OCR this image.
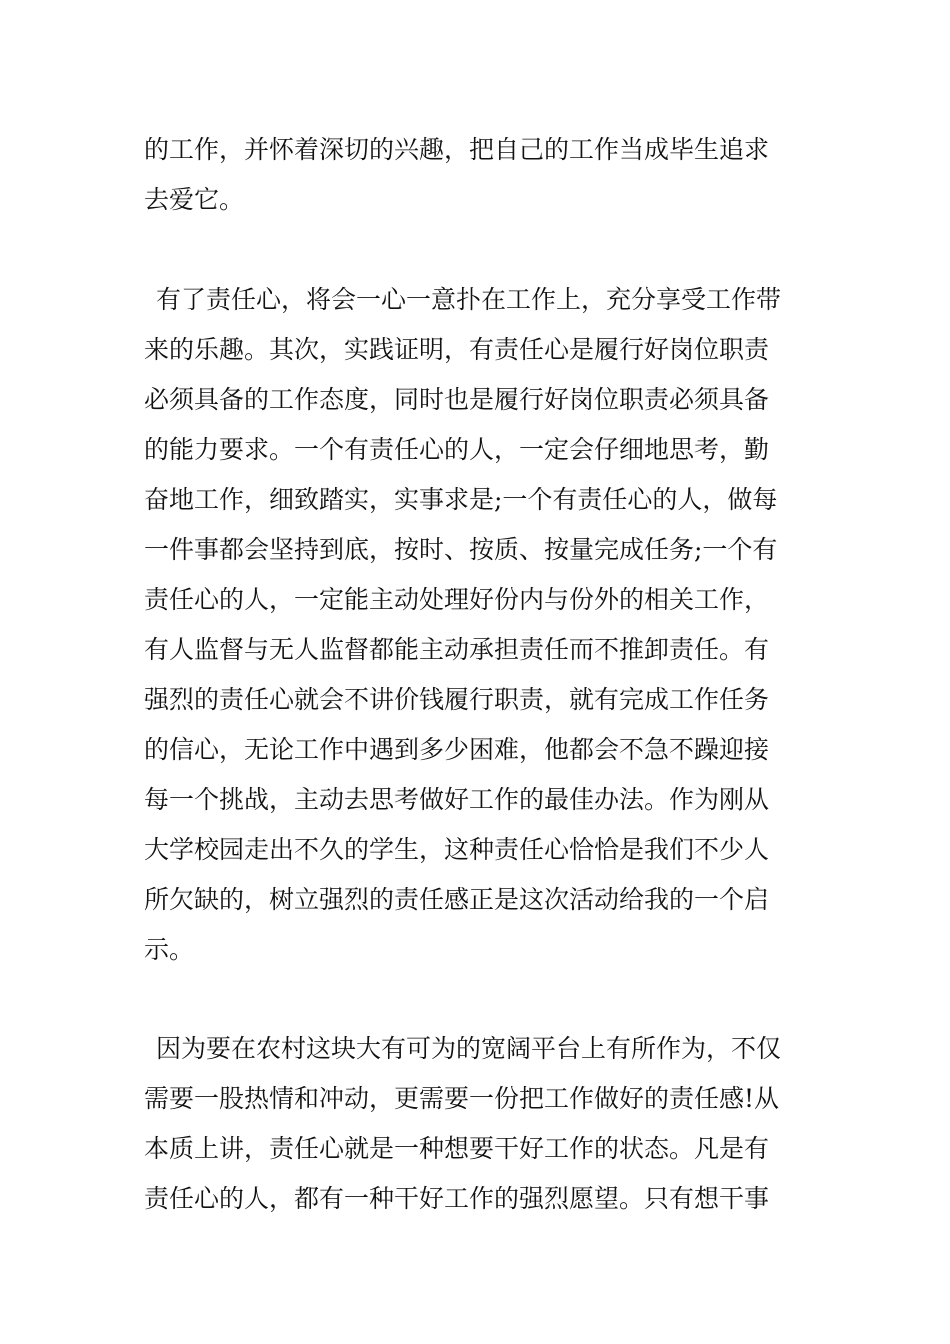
的工作，并怀着深切的兴趣，把自己的工作当成毕生追求
去爱它。
有了责任心，将会一心一意扑在工作上，充分享受工作带
来的乐趣。其次，实践证明，有责任心是履行好岗位职责
必须具备的工作态度，同时也是履行好岗位职责必须具备
的能力要求。一个有责任心的人，一定会仔细地思考，勤
奋地工作，细致踏实，实事求是;一个有责任心的人，做每
一件事都会坚持到底，按时、按质、按量完成任务;一个有
责任心的人，一定能主动处理好份内与份外的相关工作，
有人监督与无人监督都能主动承担责任而不推卸责任。有
强烈的责任心就会不讲价钱履行职责，就有完成工作任务
的信心，无论工作中遇到多少困难，他都会不急不躁迎接
每一个挑战，主动去思考做好工作的最佳办法。作为刚从
大学校园走出不久的学生，这种责任心恰恰是我们不少人
所欠缺的，树立强烈的责任感正是这次活动给我的一个启
示。
因为要在农村这块大有可为的宽阔平台上有所作为，不仅
需要一股热情和冲动，更需要一份把工作做好的责任感!从
本质上讲，责任心就是一种想要干好工作的状态。凡是有
责任心的人，都有一种干好工作的强烈愿望。只有想干事
